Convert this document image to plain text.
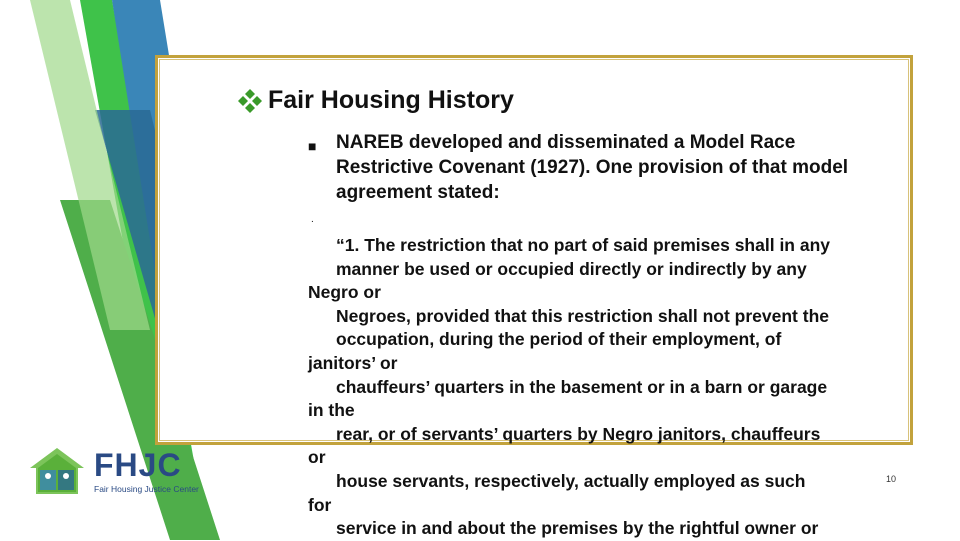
Fair Housing History
■ NAREB developed and disseminated a Model Race Restrictive Covenant (1927). One provision of that model agreement stated:
.
“1. The restriction that no part of said premises shall in any
manner be used or occupied directly or indirectly by any
Negro or
Negroes, provided that this restriction shall not prevent the
occupation, during the period of their employment, of
janitors’ or
chauffeurs’ quarters in the basement or in a barn or garage
in the
rear, or of servants’ quarters by Negro janitors, chauffeurs
or
house servants, respectively, actually employed as such
for
service in and about the premises by the rightful owner or
10
FHJC
Fair Housing Justice Center
